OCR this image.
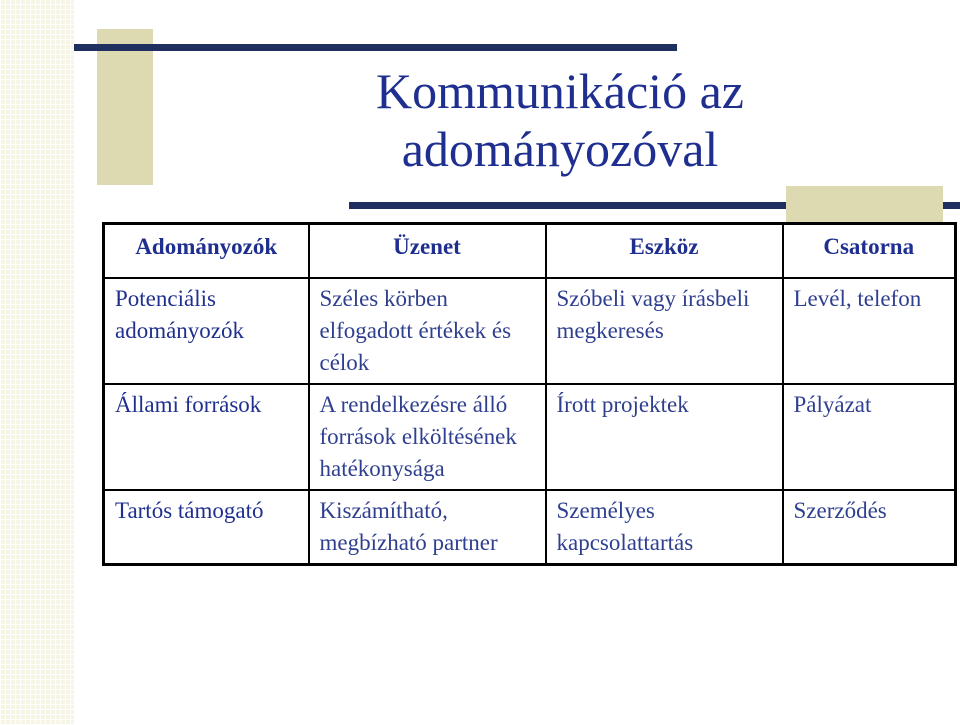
Kommunikáció az adományozóval
Adományozók	Üzenet	Eszköz	Csatorna
Potenciális adományozók	Széles körben elfogadott értékek és célok	Szóbeli vagy írásbeli megkeresés	Levél, telefon
Állami források	A rendelkezésre álló források elköltésének hatékonysága	Írott projektek	Pályázat
Tartós támogató	Kiszámítható, megbízható partner	Személyes kapcsolattartás	Szerződés
